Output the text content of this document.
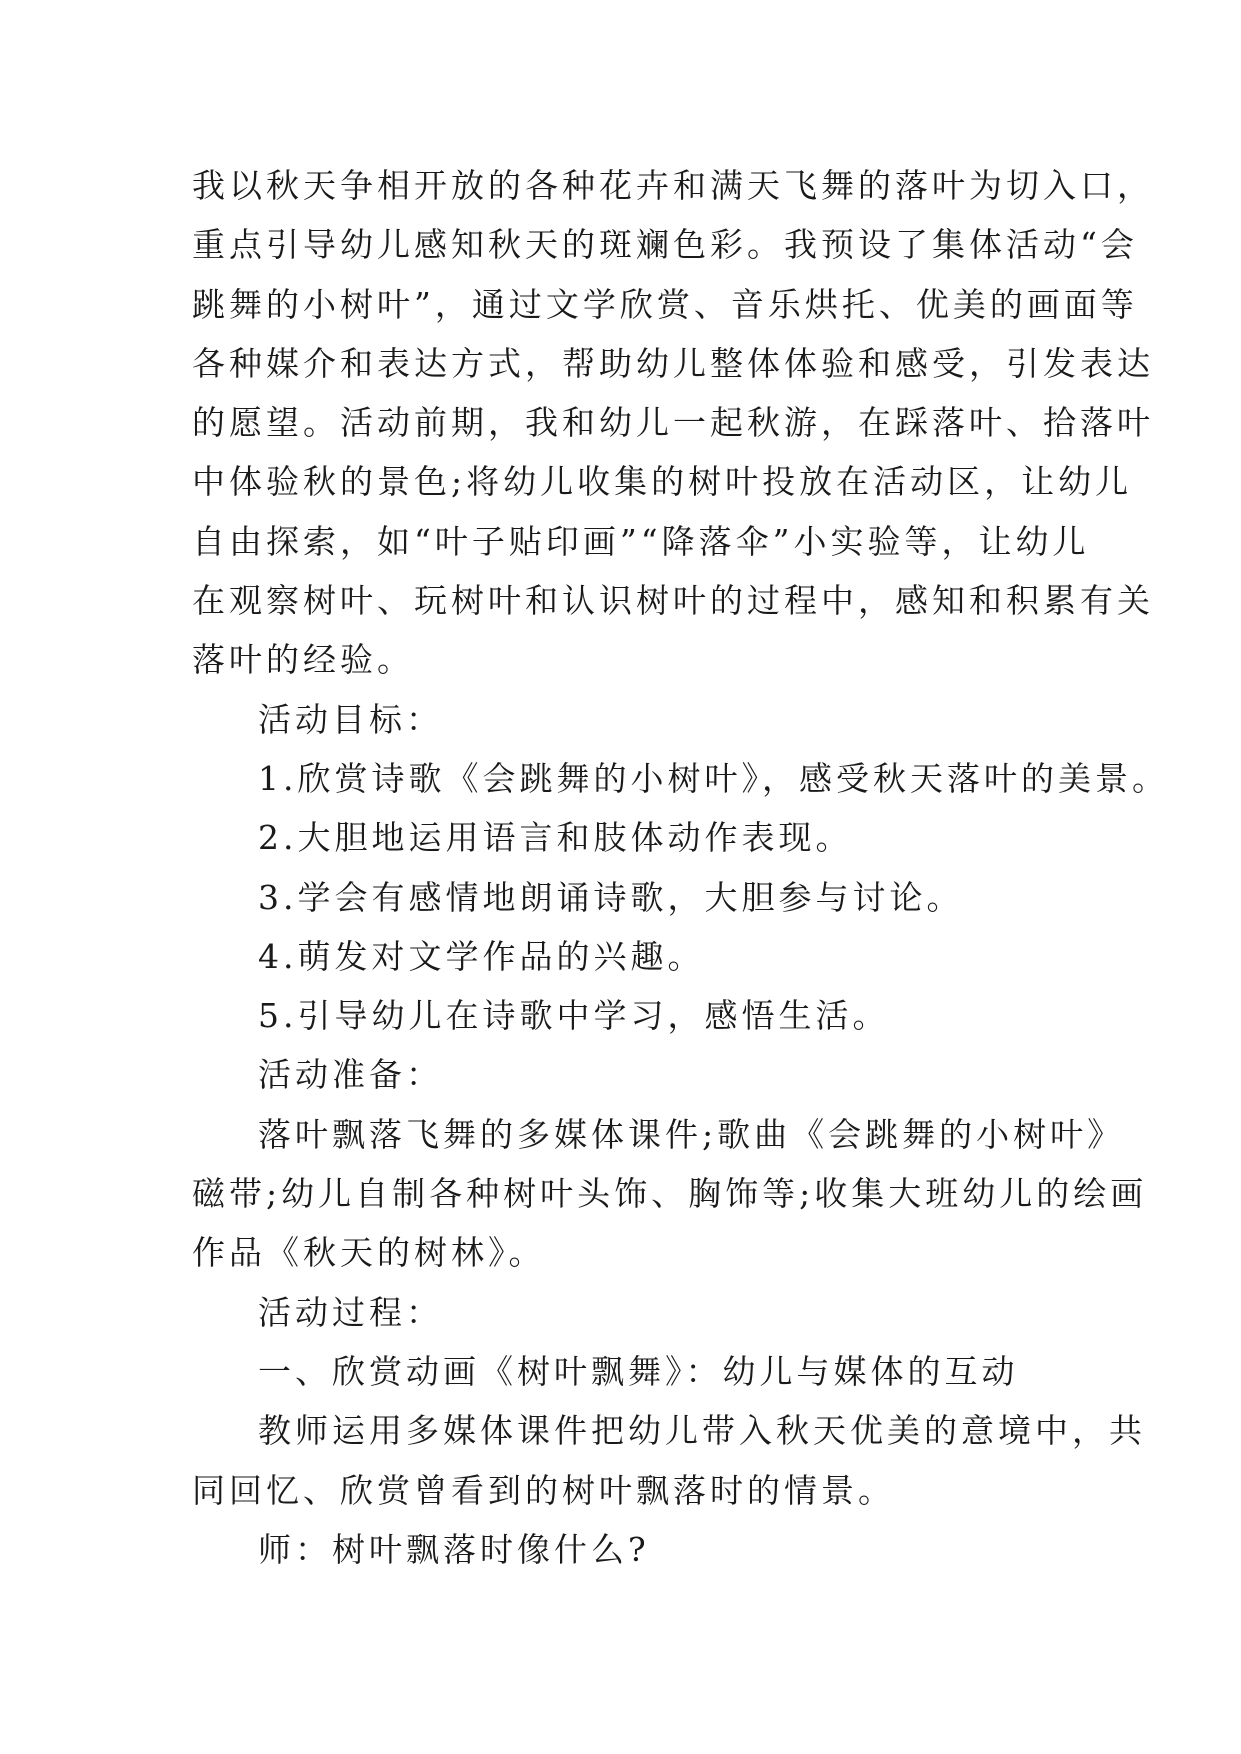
我以秋天争相开放的各种花卉和满天飞舞的落叶为切入口，
重点引导幼儿感知秋天的斑斓色彩。我预设了集体活动“会
跳舞的小树叶”，通过文学欣赏、音乐烘托、优美的画面等
各种媒介和表达方式，帮助幼儿整体体验和感受，引发表达
的愿望。活动前期，我和幼儿一起秋游，在踩落叶、拾落叶
中体验秋的景色;将幼儿收集的树叶投放在活动区，让幼儿
自由探索，如“叶子贴印画”“降落伞”小实验等，让幼儿
在观察树叶、玩树叶和认识树叶的过程中，感知和积累有关
落叶的经验。
活动目标：
1.欣赏诗歌《会跳舞的小树叶》，感受秋天落叶的美景。
2.大胆地运用语言和肢体动作表现。
3.学会有感情地朗诵诗歌，大胆参与讨论。
4.萌发对文学作品的兴趣。
5.引导幼儿在诗歌中学习，感悟生活。
活动准备：
落叶飘落飞舞的多媒体课件;歌曲《会跳舞的小树叶》
磁带;幼儿自制各种树叶头饰、胸饰等;收集大班幼儿的绘画
作品《秋天的树林》。
活动过程：
一、欣赏动画《树叶飘舞》：幼儿与媒体的互动
教师运用多媒体课件把幼儿带入秋天优美的意境中，共
同回忆、欣赏曾看到的树叶飘落时的情景。
师：树叶飘落时像什么?
